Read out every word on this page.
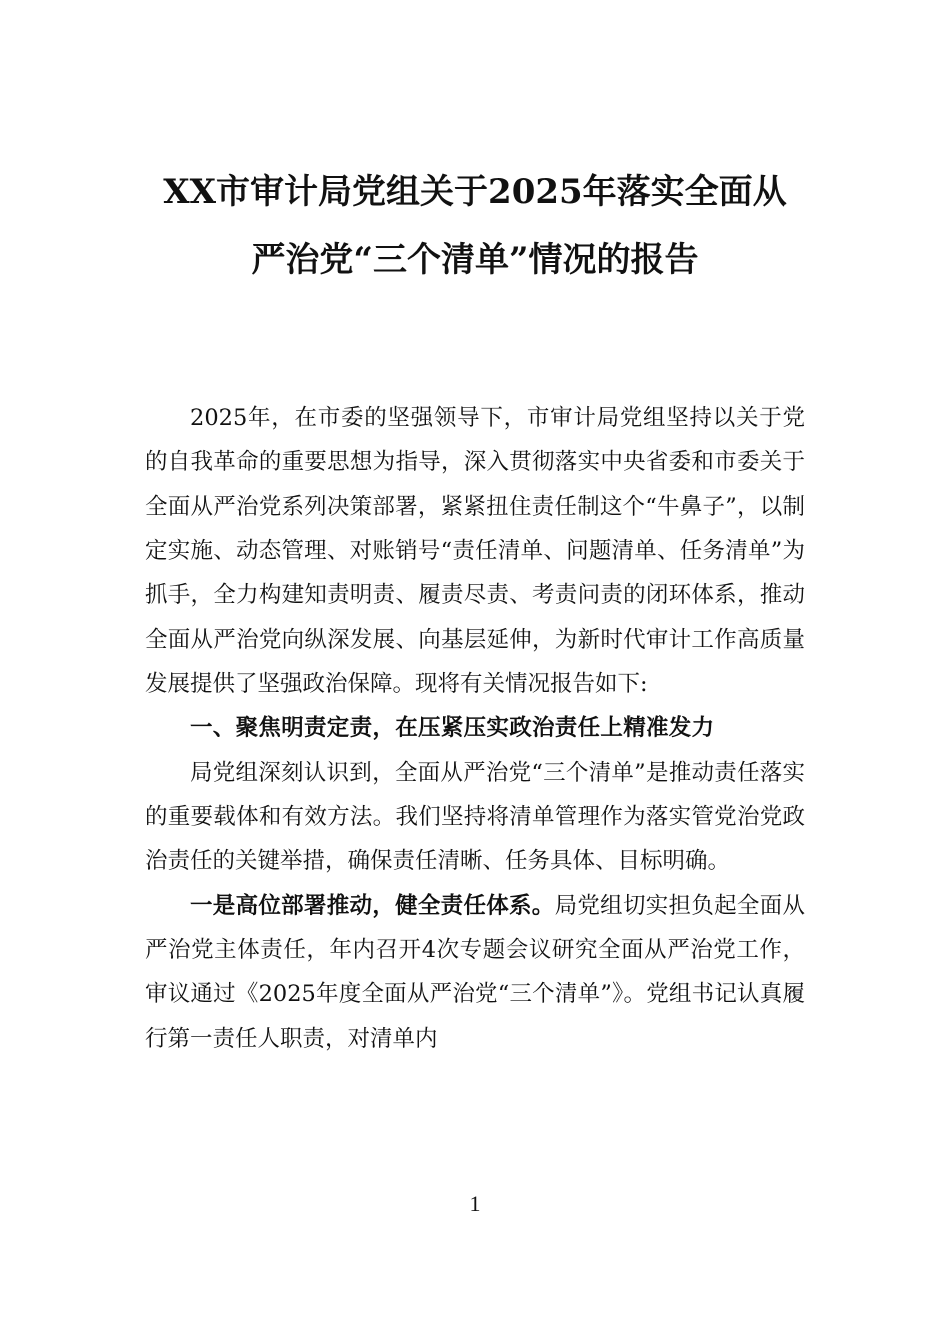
XX市审计局党组关于2025年落实全面从
严治党“三个清单”情况的报告

2025年，在市委的坚强领导下，市审计局党组坚持以关于党的自我革命的重要思想为指导，深入贯彻落实中央省委和市委关于全面从严治党系列决策部署，紧紧扭住责任制这个“牛鼻子”，以制定实施、动态管理、对账销号“责任清单、问题清单、任务清单”为抓手，全力构建知责明责、履责尽责、考责问责的闭环体系，推动全面从严治党向纵深发展、向基层延伸，为新时代审计工作高质量发展提供了坚强政治保障。现将有关情况报告如下:

一、聚焦明责定责，在压紧压实政治责任上精准发力

局党组深刻认识到，全面从严治党“三个清单”是推动责任落实的重要载体和有效方法。我们坚持将清单管理作为落实管党治党政治责任的关键举措，确保责任清晰、任务具体、目标明确。

一是高位部署推动，健全责任体系。局党组切实担负起全面从严治党主体责任，年内召开4次专题会议研究全面从严治党工作，审议通过《2025年度全面从严治党“三个清单”》。党组书记认真履行第一责任人职责，对清单内

1
